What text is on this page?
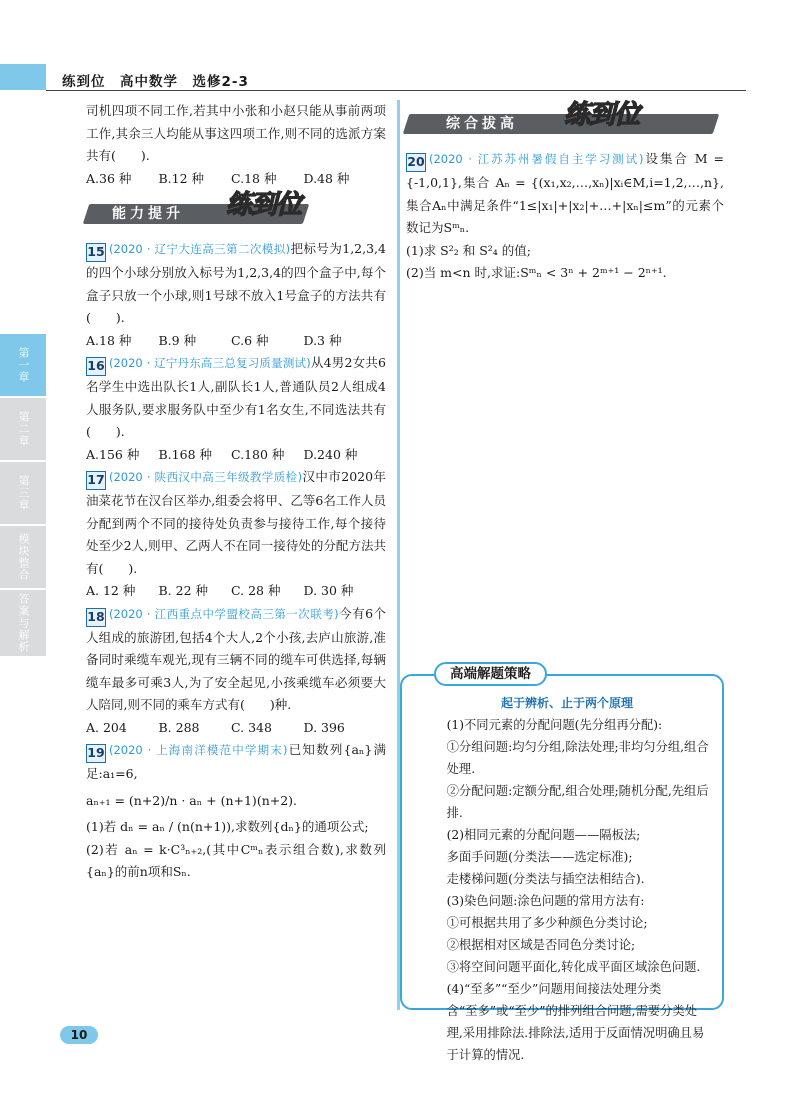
练到位　高中数学　选修2-3
第一章
第二章
第三章
模块整合
答案与解析
司机四项不同工作,若其中小张和小赵只能从事前两项工作,其余三人均能从事这四项工作,则不同的选派方案共有(　　).
A.36 种	B.12 种	C.18 种	D.48 种
能力提升 练到位
15 (2020 · 辽宁大连高三第二次模拟)把标号为1,2,3,4的四个小球分别放入标号为1,2,3,4的四个盒子中,每个盒子只放一个小球,则1号球不放入1号盒子的方法共有(　　).
A.18 种	B.9 种	C.6 种	D.3 种
16 (2020 · 辽宁丹东高三总复习质量测试)从4男2女共6名学生中选出队长1人,副队长1人,普通队员2人组成4人服务队,要求服务队中至少有1名女生,不同选法共有(　　).
A.156 种	B.168 种	C.180 种	D.240 种
17 (2020 · 陕西汉中高三年级教学质检)汉中市2020年油菜花节在汉台区举办,组委会将甲、乙等6名工作人员分配到两个不同的接待处负责参与接待工作,每个接待处至少2人,则甲、乙两人不在同一接待处的分配方法共有(　　).
A. 12 种	B. 22 种	C. 28 种	D. 30 种
18 (2020 · 江西重点中学盟校高三第一次联考)今有6个人组成的旅游团,包括4个大人,2个小孩,去庐山旅游,准备同时乘缆车观光,现有三辆不同的缆车可供选择,每辆缆车最多可乘3人,为了安全起见,小孩乘缆车必须要大人陪同,则不同的乘车方式有(　　)种.
A. 204	B. 288	C. 348	D. 396
19 (2020 · 上海南洋模范中学期末)已知数列{aₙ}满足:a₁=6,
aₙ₊₁ = (n+2)/n · aₙ + (n+1)(n+2).
(1)若 dₙ = aₙ / (n(n+1)),求数列{dₙ}的通项公式;
(2)若 aₙ = k·C³ₙ₊₂,(其中Cᵐₙ表示组合数),求数列{aₙ}的前n项和Sₙ.
综合拔高 练到位
20 (2020 · 江苏苏州暑假自主学习测试)设集合 M = {-1,0,1},集合 Aₙ = {(x₁,x₂,…,xₙ)|xᵢ∈M,i=1,2,…,n},集合Aₙ中满足条件“1≤|x₁|+|x₂|+…+|xₙ|≤m”的元素个数记为Sᵐₙ.
(1)求 S²₂ 和 S²₄ 的值;
(2)当 m<n 时,求证:Sᵐₙ < 3ⁿ + 2ᵐ⁺¹ − 2ⁿ⁺¹.
高端解题策略
起于辨析、止于两个原理
(1)不同元素的分配问题(先分组再分配):
①分组问题:均匀分组,除法处理;非均匀分组,组合处理.
②分配问题:定额分配,组合处理;随机分配,先组后排.
(2)相同元素的分配问题——隔板法;
多面手问题(分类法——选定标准);
走楼梯问题(分类法与插空法相结合).
(3)染色问题:涂色问题的常用方法有:
①可根据共用了多少种颜色分类讨论;
②根据相对区域是否同色分类讨论;
③将空间问题平面化,转化成平面区域涂色问题.
(4)“至多”“至少”问题用间接法处理分类
含“至多”或“至少”的排列组合问题,需要分类处理,采用排除法.排除法,适用于反面情况明确且易于计算的情况.
10
